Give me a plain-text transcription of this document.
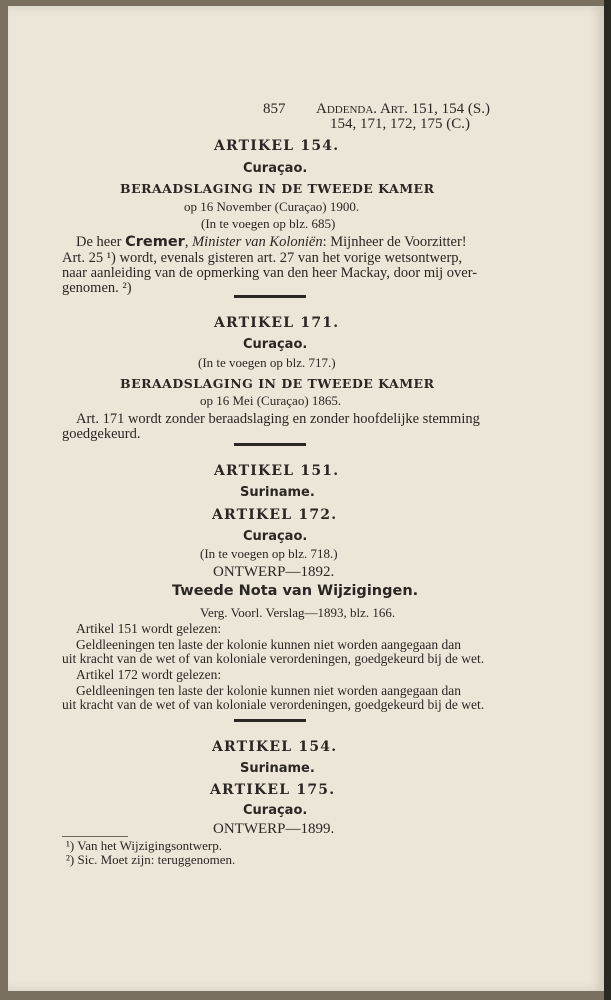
857 Addenda. Art. 151, 154 (S.)
154, 171, 172, 175 (C.)
ARTIKEL 154.
Curaçao.
BERAADSLAGING IN DE TWEEDE KAMER
op 16 November (Curaçao) 1900.
(In te voegen op blz. 685)
De heer Cremer, Minister van Koloniën: Mijnheer de Voorzitter!
Art. 25 ¹) wordt, evenals gisteren art. 27 van het vorige wetsontwerp,
naar aanleiding van de opmerking van den heer Mackay, door mij over-
genomen. ²)
ARTIKEL 171.
Curaçao.
(In te voegen op blz. 717.)
BERAADSLAGING IN DE TWEEDE KAMER
op 16 Mei (Curaçao) 1865.
Art. 171 wordt zonder beraadslaging en zonder hoofdelijke stemming
goedgekeurd.
ARTIKEL 151.
Suriname.
ARTIKEL 172.
Curaçao.
(In te voegen op blz. 718.)
ONTWERP—1892.
Tweede Nota van Wijzigingen.
Verg. Voorl. Verslag—1893, blz. 166.
Artikel 151 wordt gelezen:
Geldleeningen ten laste der kolonie kunnen niet worden aangegaan dan
uit kracht van de wet of van koloniale verordeningen, goedgekeurd bij de wet.
Artikel 172 wordt gelezen:
Geldleeningen ten laste der kolonie kunnen niet worden aangegaan dan
uit kracht van de wet of van koloniale verordeningen, goedgekeurd bij de wet.
ARTIKEL 154.
Suriname.
ARTIKEL 175.
Curaçao.
ONTWERP—1899.
¹) Van het Wijzigingsontwerp.
²) Sic. Moet zijn: teruggenomen.
